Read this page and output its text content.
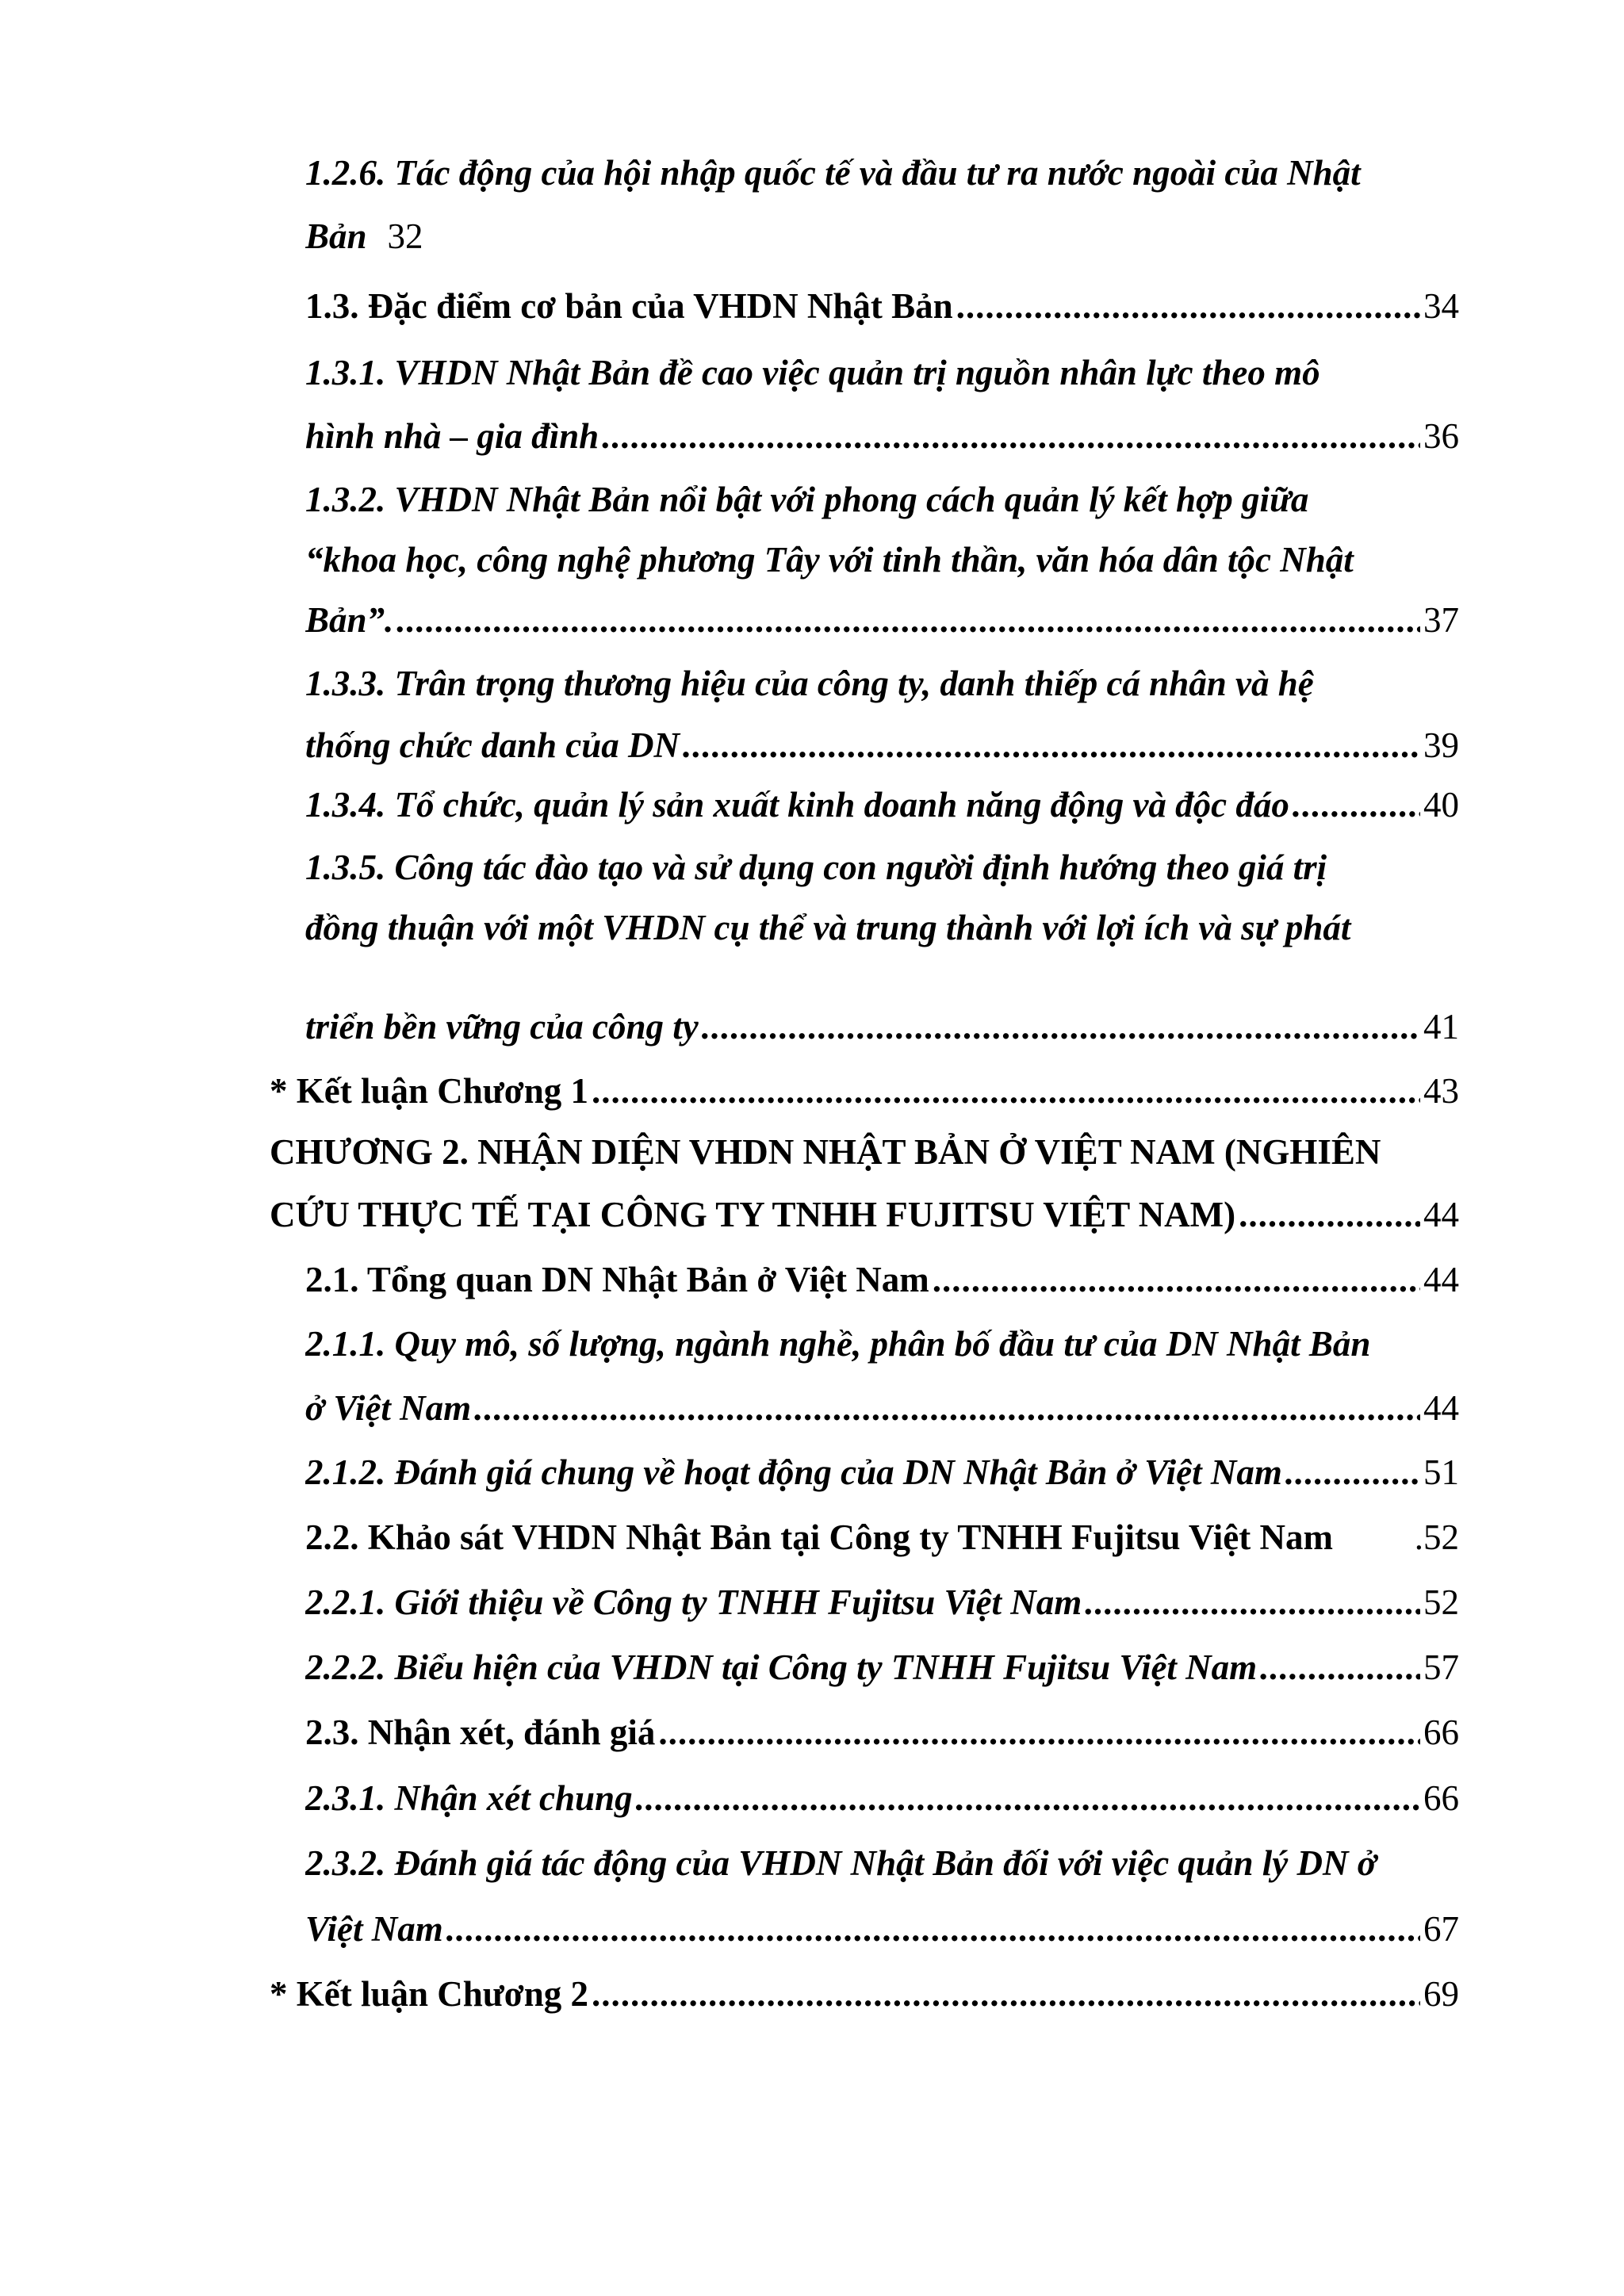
1.2.6. Tác động của hội nhập quốc tế và đầu tư ra nước ngoài của Nhật
Bản 32
1.3. Đặc điểm cơ bản của VHDN Nhật Bản .....	34
1.3.1. VHDN Nhật Bản đề cao việc quản trị nguồn nhân lực theo mô
hình nhà – gia đình .....	36
1.3.2. VHDN Nhật Bản nổi bật với phong cách quản lý kết hợp giữa
“khoa học, công nghệ phương Tây với tinh thần, văn hóa dân tộc Nhật
Bản”. .....	37
1.3.3. Trân trọng thương hiệu của công ty, danh thiếp cá nhân và hệ
thống chức danh của DN .....	39
1.3.4. Tổ chức, quản lý sản xuất kinh doanh năng động và độc đáo .....	40
1.3.5. Công tác đào tạo và sử dụng con người định hướng theo giá trị
đồng thuận với một VHDN cụ thể và trung thành với lợi ích và sự phát
triển bền vững của công ty .....	41
* Kết luận Chương 1 .....	43
CHƯƠNG 2. NHẬN DIỆN VHDN NHẬT BẢN Ở VIỆT NAM (NGHIÊN
CỨU THỰC TẾ TẠI CÔNG TY TNHH FUJITSU VIỆT NAM) .....	44
2.1. Tổng quan DN Nhật Bản ở Việt Nam .....	44
2.1.1. Quy mô, số lượng, ngành nghề, phân bố đầu tư của DN Nhật Bản
ở Việt Nam .....	44
2.1.2. Đánh giá chung về hoạt động của DN Nhật Bản ở Việt Nam .....	51
2.2. Khảo sát VHDN Nhật Bản tại Công ty TNHH Fujitsu Việt Nam .52
2.2.1. Giới thiệu về Công ty TNHH Fujitsu Việt Nam .....	52
2.2.2. Biểu hiện của VHDN tại Công ty TNHH Fujitsu Việt Nam .....	57
2.3. Nhận xét, đánh giá .....	66
2.3.1. Nhận xét chung .....	66
2.3.2. Đánh giá tác động của VHDN Nhật Bản đối với việc quản lý DN ở
Việt Nam .....	67
* Kết luận Chương 2 .....	69
